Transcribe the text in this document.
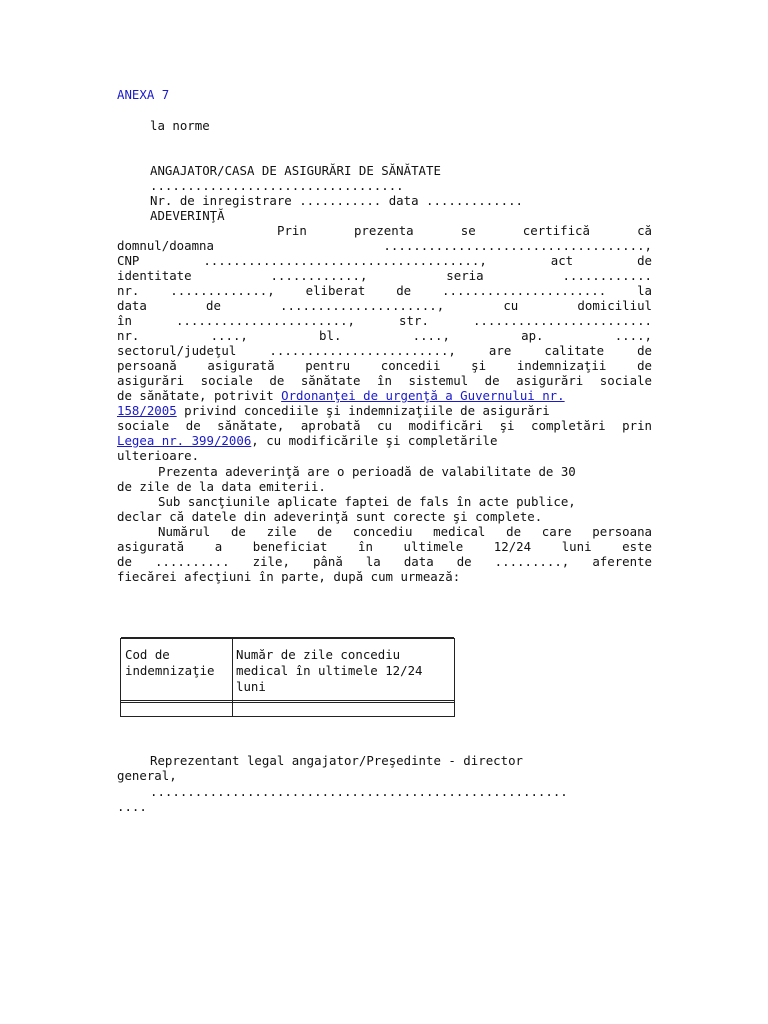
ANEXA 7
la norme
ANGAJATOR/CASA DE ASIGURĂRI DE SĂNĂTATE
..................................
Nr. de inregistrare ........... data .............
ADEVERINŢĂ
Prin prezenta se certifică că
domnul/doamna ...................................,
CNP ....................................., act de
identitate ............, seria ............
nr. ............., eliberat de ...................... la
data de ....................., cu domiciliul
în ......................., str. ........................
nr. ...., bl. ...., ap. ....,
sectorul/judeţul ........................, are calitate de
persoană asigurată pentru concedii şi indemnizaţii de
asigurări sociale de sănătate în sistemul de asigurări sociale
de sănătate, potrivit Ordonanţei de urgenţă a Guvernului nr.
158/2005 privind concediile şi indemnizaţiile de asigurări
sociale de sănătate, aprobată cu modificări şi completări prin
Legea nr. 399/2006, cu modificările şi completările
ulterioare.
Prezenta adeverinţă are o perioadă de valabilitate de 30
de zile de la data emiterii.
Sub sancţiunile aplicate faptei de fals în acte publice,
declar că datele din adeverinţă sunt corecte şi complete.
Numărul de zile de concediu medical de care persoana
asigurată a beneficiat în ultimele 12/24 luni este
de .......... zile, până la data de ........., aferente
fiecărei afecţiuni în parte, după cum urmează:
Cod de
indemnizaţie
Număr de zile concediu
medical în ultimele 12/24
luni
Reprezentant legal angajator/Preşedinte - director
general,
........................................................
....
